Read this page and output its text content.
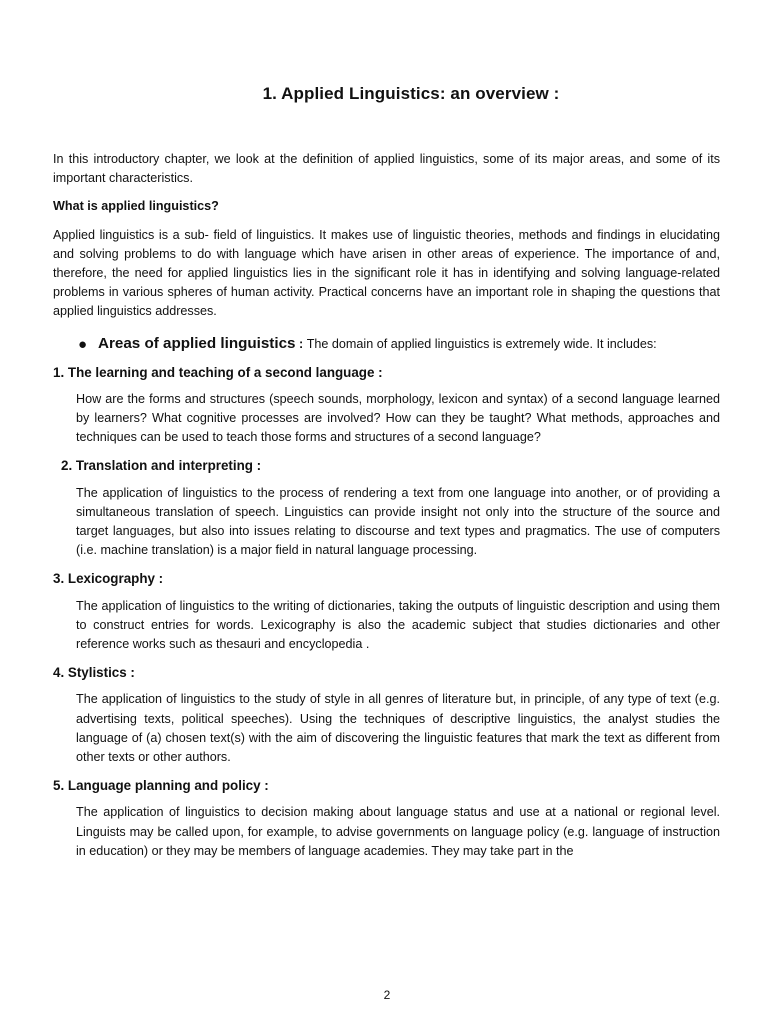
1. Applied Linguistics: an overview :

In this introductory chapter, we look at the definition of applied linguistics, some of its major areas, and some of its important characteristics.

What is applied linguistics?

Applied linguistics is a sub- field of linguistics. It makes use of linguistic theories, methods and findings in elucidating and solving problems to do with language which have arisen in other areas of experience. The importance of and, therefore, the need for applied linguistics lies in the significant role it has in identifying and solving language-related problems in various spheres of human activity. Practical concerns have an important role in shaping the questions that applied linguistics addresses.

● Areas of applied linguistics : The domain of applied linguistics is extremely wide. It includes:

1. The learning and teaching of a second language :

How are the forms and structures (speech sounds, morphology, lexicon and syntax) of a second language learned by learners? What cognitive processes are involved? How can they be taught? What methods, approaches and techniques can be used to teach those forms and structures of a second language?

2. Translation and interpreting :

The application of linguistics to the process of rendering a text from one language into another, or of providing a simultaneous translation of speech. Linguistics can provide insight not only into the structure of the source and target languages, but also into issues relating to discourse and text types and pragmatics. The use of computers (i.e. machine translation) is a major field in natural language processing.

3. Lexicography :

The application of linguistics to the writing of dictionaries, taking the outputs of linguistic description and using them to construct entries for words. Lexicography is also the academic subject that studies dictionaries and other reference works such as thesauri and encyclopedia .

4. Stylistics :

The application of linguistics to the study of style in all genres of literature but, in principle, of any type of text (e.g. advertising texts, political speeches). Using the techniques of descriptive linguistics, the analyst studies the language of (a) chosen text(s) with the aim of discovering the linguistic features that mark the text as different from other texts or other authors.

5. Language planning and policy :

The application of linguistics to decision making about language status and use at a national or regional level. Linguists may be called upon, for example, to advise governments on language policy (e.g. language of instruction in education) or they may be members of language academies. They may take part in the

2
